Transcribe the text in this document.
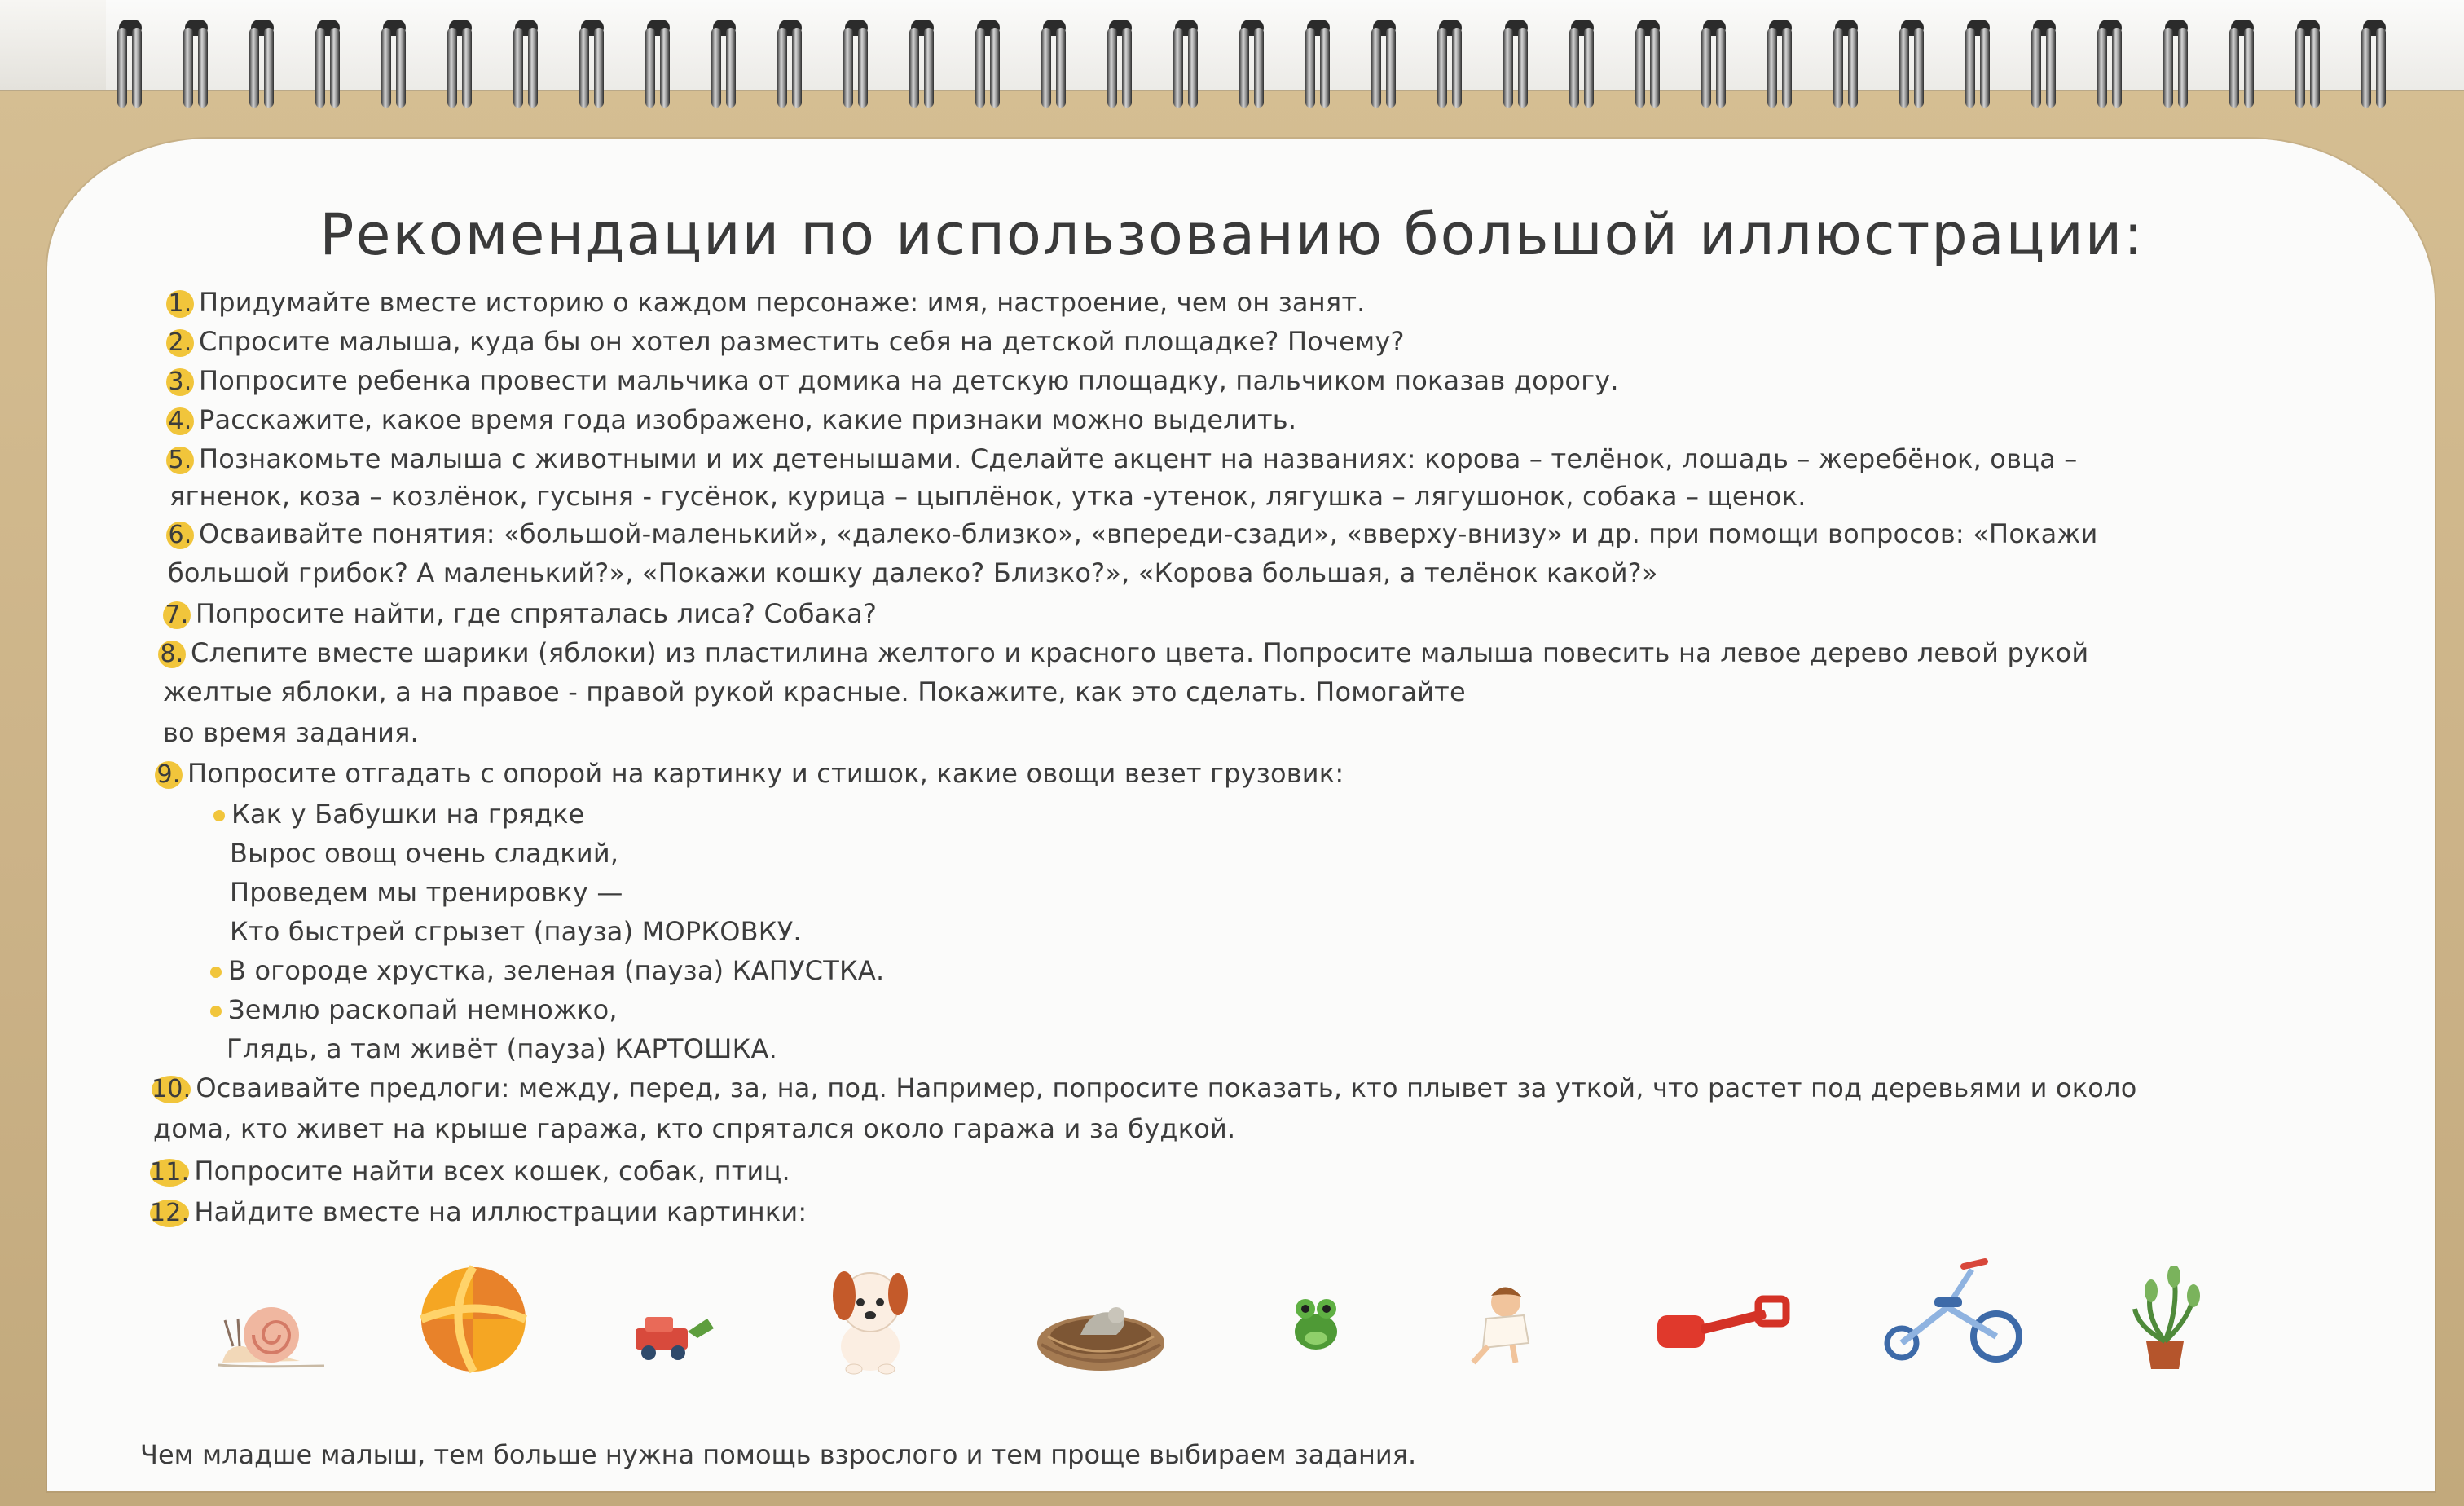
Рекомендации по использованию большой иллюстрации:
1. Придумайте вместе историю о каждом персонаже: имя, настроение, чем он занят.
2. Спросите малыша, куда бы он хотел разместить себя на детской площадке? Почему?
3. Попросите ребенка провести мальчика от домика на детскую площадку, пальчиком показав дорогу.
4. Расскажите, какое время года изображено, какие признаки можно выделить.
5. Познакомьте малыша с животными и их детенышами. Сделайте акцент на названиях: корова – телёнок, лошадь – жеребёнок, овца –
ягненок, коза – козлёнок, гусыня - гусёнок, курица – цыплёнок, утка -утенок, лягушка – лягушонок, собака – щенок.
6. Осваивайте понятия: «большой-маленький», «далеко-близко», «впереди-сзади», «вверху-внизу» и др. при помощи вопросов: «Покажи
большой грибок? А маленький?», «Покажи кошку далеко? Близко?», «Корова большая, а телёнок какой?»
7. Попросите найти, где спряталась лиса? Собака?
8. Слепите вместе шарики (яблоки) из пластилина желтого и красного цвета. Попросите малыша повесить на левое дерево левой рукой
желтые яблоки, а на правое - правой рукой красные. Покажите, как это сделать. Помогайте
во время задания.
9. Попросите отгадать с опорой на картинку и стишок, какие овощи везет грузовик:
Как у Бабушки на грядке
Вырос овощ очень сладкий,
Проведем мы тренировку —
Кто быстрей сгрызет (пауза) МОРКОВКУ.
В огороде хрустка, зеленая (пауза) КАПУСТКА.
Землю раскопай немножко,
Глядь, а там живёт (пауза) КАРТОШКА.
10. Осваивайте предлоги: между, перед, за, на, под. Например, попросите показать, кто плывет за уткой, что растет под деревьями и около
дома, кто живет на крыше гаража, кто спрятался около гаража и за будкой.
11. Попросите найти всех кошек, собак, птиц.
12. Найдите вместе на иллюстрации картинки:
Чем младше малыш, тем больше нужна помощь взрослого и тем проще выбираем задания.
